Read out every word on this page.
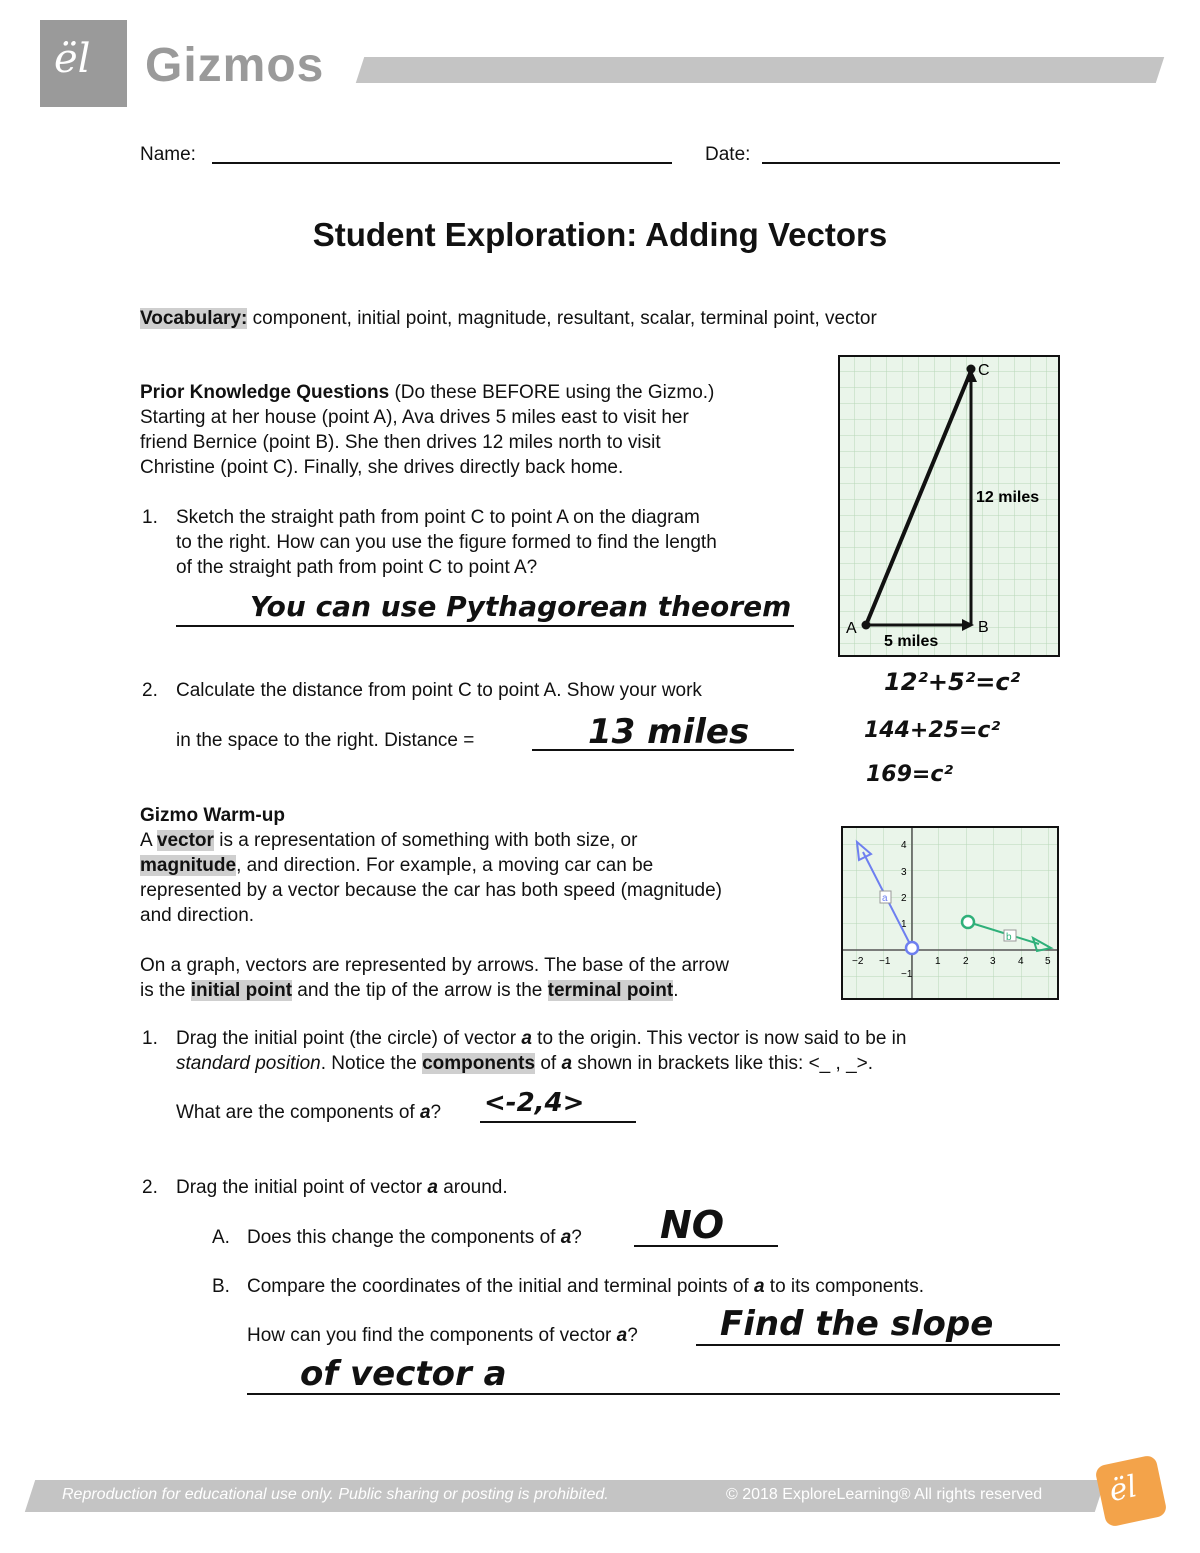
ël Gizmos
Name:	Date:
Student Exploration: Adding Vectors
Vocabulary: component, initial point, magnitude, resultant, scalar, terminal point, vector
Prior Knowledge Questions (Do these BEFORE using the Gizmo.)
Starting at her house (point A), Ava drives 5 miles east to visit her
friend Bernice (point B). She then drives 12 miles north to visit
Christine (point C). Finally, she drives directly back home.
1. Sketch the straight path from point C to point A on the diagram
to the right. How can you use the figure formed to find the length
of the straight path from point C to point A?
You can use Pythagorean theorem
2. Calculate the distance from point C to point A. Show your work
in the space to the right. Distance =	13 miles
12²+5²=c²
144+25=c²
169=c²
C
A	B
12 miles
5 miles
Gizmo Warm-up
A vector is a representation of something with both size, or
magnitude, and direction. For example, a moving car can be
represented by a vector because the car has both speed (magnitude)
and direction.
On a graph, vectors are represented by arrows. The base of the arrow
is the initial point and the tip of the arrow is the terminal point.
−2 −1	1 2 3 4 5
4
3
2
1
−1
a
b
1. Drag the initial point (the circle) of vector a to the origin. This vector is now said to be in
standard position. Notice the components of a shown in brackets like this: <_ , _>.
What are the components of a? <-2,4>
2. Drag the initial point of vector a around.
A. Does this change the components of a? NO
B. Compare the coordinates of the initial and terminal points of a to its components.
How can you find the components of vector a? Find the slope
of vector a
Reproduction for educational use only. Public sharing or posting is prohibited.	© 2018 ExploreLearning® All rights reserved ël
